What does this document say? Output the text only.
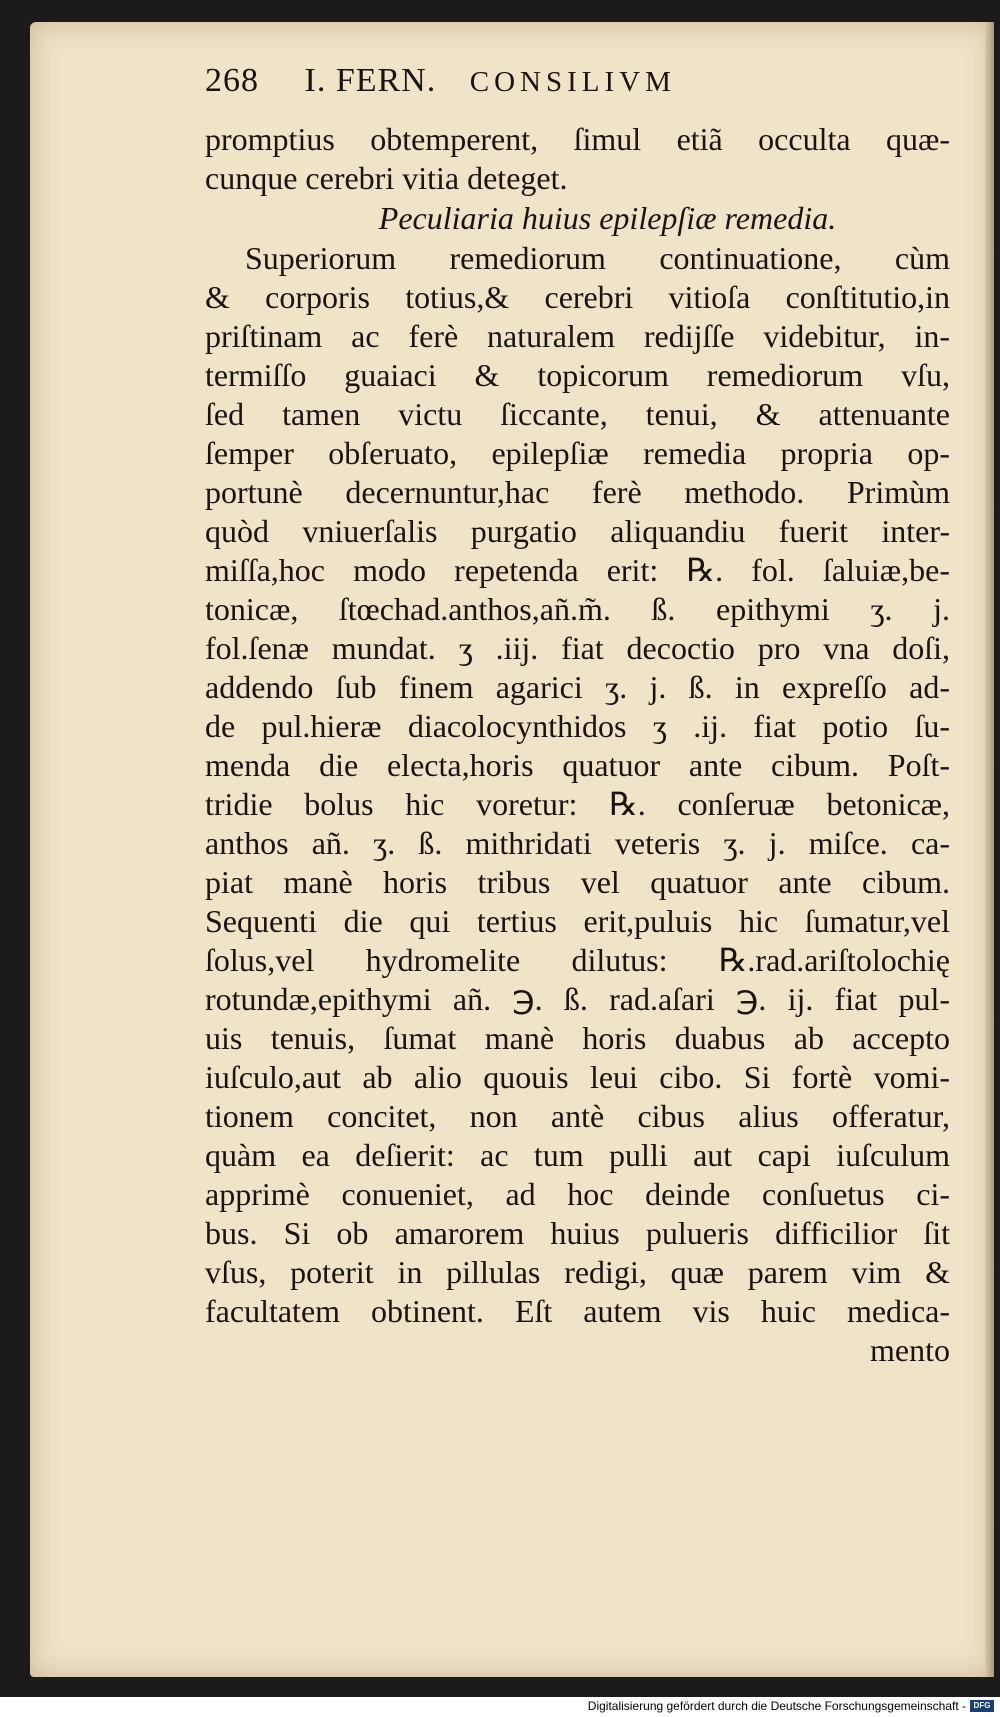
268 I. FERN. CONSILIVM
promptius obtemperent, ſimul etiã occulta quæ-
cunque cerebri vitia deteget.
Peculiaria huius epilepſiæ remedia.
Superiorum remediorum continuatione, cùm
& corporis totius,& cerebri vitioſa conſtitutio,in
priſtinam ac ferè naturalem redijſſe videbitur, in-
termiſſo guaiaci & topicorum remediorum vſu,
ſed tamen victu ſiccante, tenui, & attenuante
ſemper obſeruato, epilepſiæ remedia propria op-
portunè decernuntur,hac ferè methodo. Primùm
quòd vniuerſalis purgatio aliquandiu fuerit inter-
miſſa,hoc modo repetenda erit: ℞. fol. ſaluiæ,be-
tonicæ, ſtœchad.anthos,añ.m̃. ß. epithymi ʒ. j.
fol.ſenæ mundat. ʒ .iij. fiat decoctio pro vna doſi,
addendo ſub finem agarici ʒ. j. ß. in expreſſo ad-
de pul.hieræ diacolocynthidos ʒ .ij. fiat potio ſu-
menda die electa,horis quatuor ante cibum. Poſt-
tridie bolus hic voretur: ℞. conſeruæ betonicæ,
anthos añ. ʒ. ß. mithridati veteris ʒ. j. miſce. ca-
piat manè horis tribus vel quatuor ante cibum.
Sequenti die qui tertius erit,puluis hic ſumatur,vel
ſolus,vel hydromelite dilutus: ℞.rad.ariſtolochię
rotundæ,epithymi añ. ℈. ß. rad.aſari ℈. ij. fiat pul-
uis tenuis, ſumat manè horis duabus ab accepto
iuſculo,aut ab alio quouis leui cibo. Si fortè vomi-
tionem concitet, non antè cibus alius offeratur,
quàm ea deſierit: ac tum pulli aut capi iuſculum
apprimè conueniet, ad hoc deinde conſuetus ci-
bus. Si ob amarorem huius pulueris difficilior ſit
vſus, poterit in pillulas redigi, quæ parem vim &
facultatem obtinent. Eſt autem vis huic medica-
mento
Digitalisierung gefördert durch die Deutsche Forschungsgemeinschaft - DFG
